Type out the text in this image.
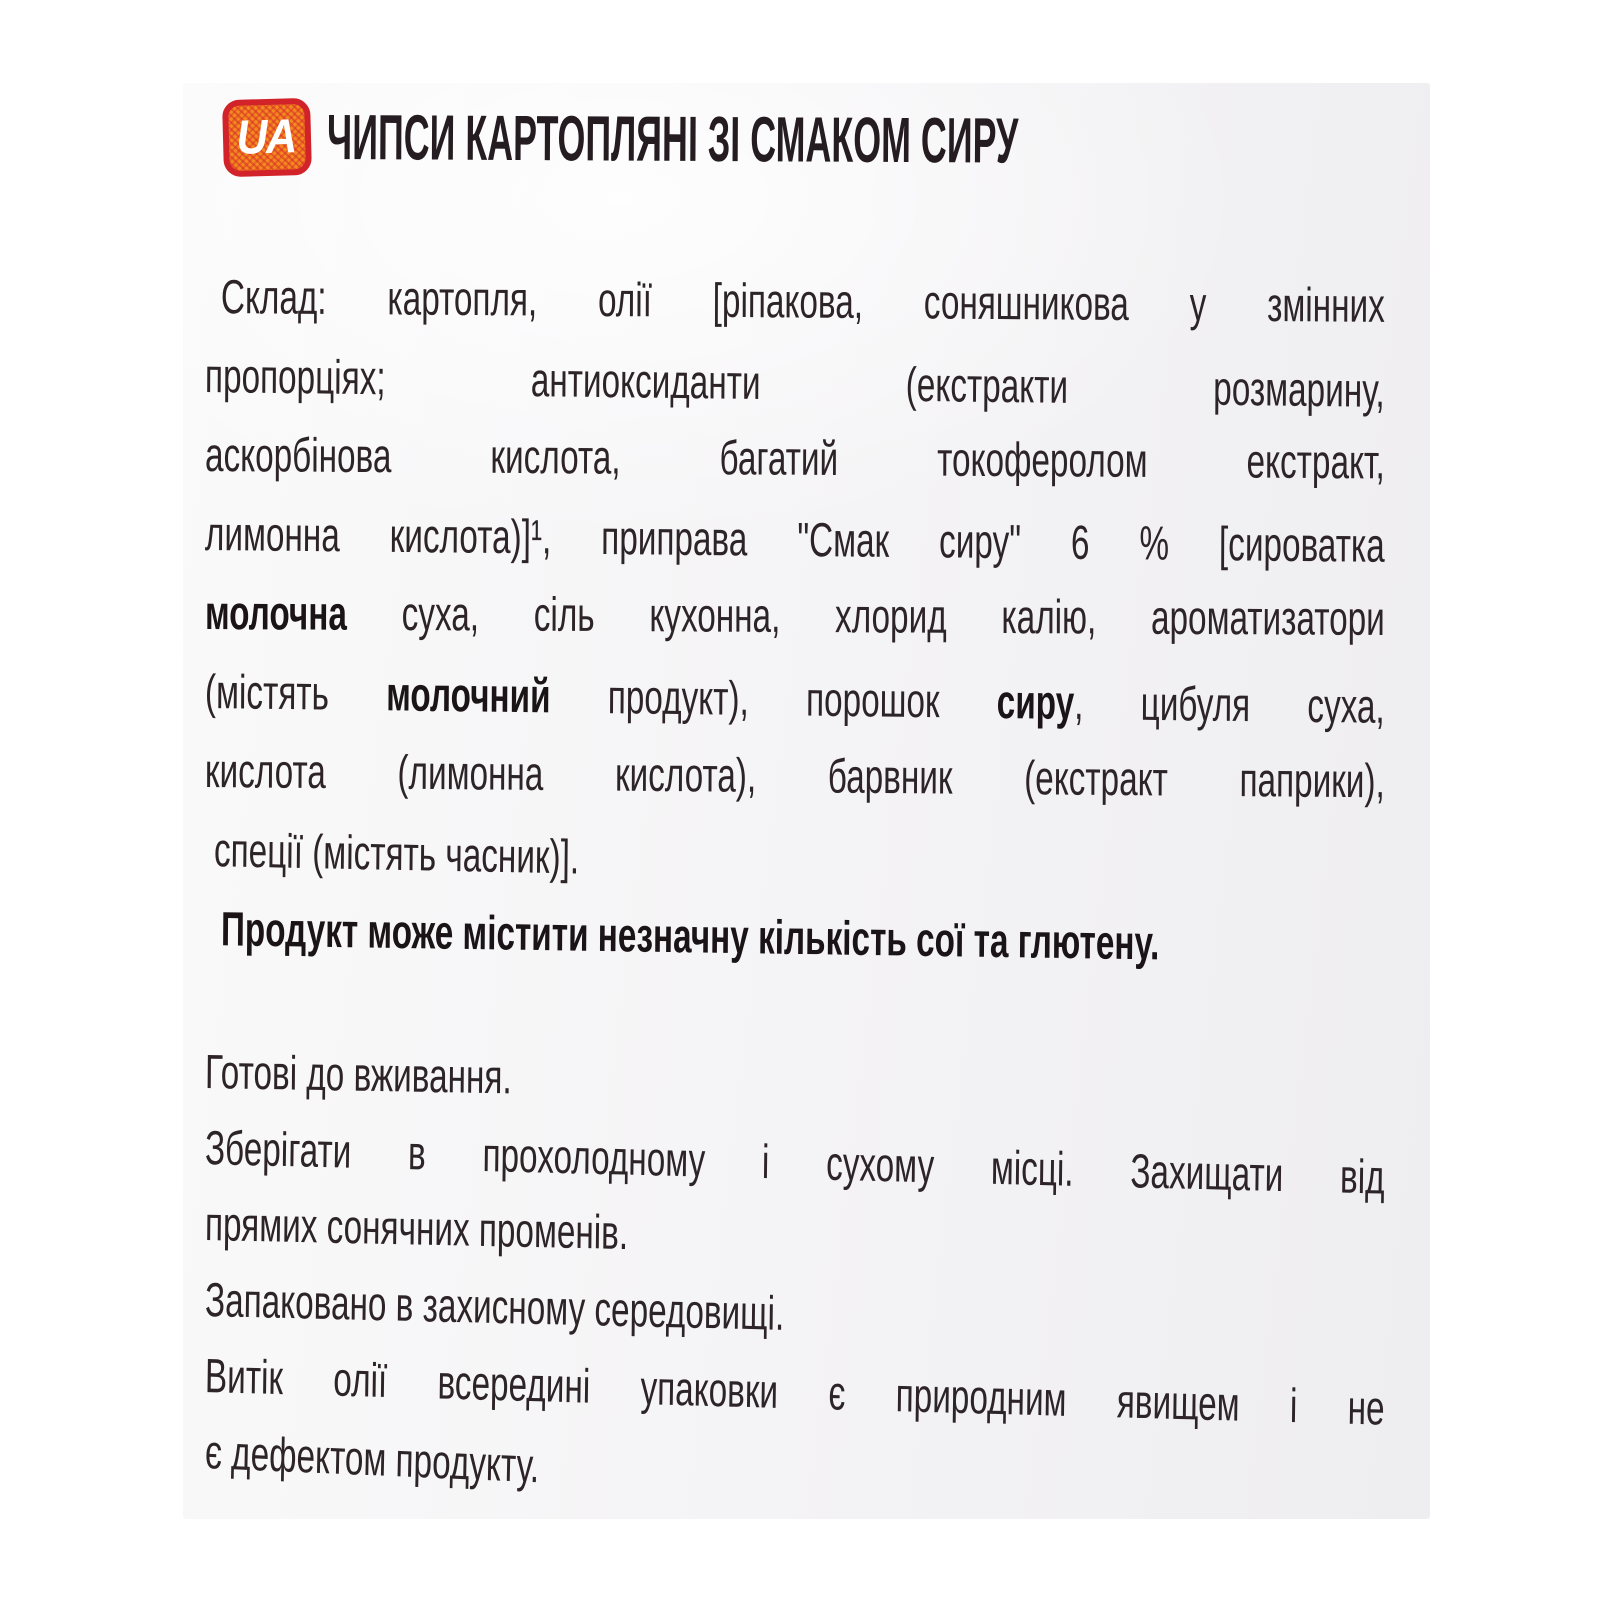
UA ЧИПСИ КАРТОПЛЯНІ ЗІ СМАКОМ СИРУ
Склад: картопля, олії [ріпакова, соняшникова у змінних
пропорціях; антиоксиданти (екстракти розмарину,
аскорбінова кислота, багатий токоферолом екстракт,
лимонна кислота)]¹, приправа "Смак сиру" 6 % [сироватка
молочна суха, сіль кухонна, хлорид калію, ароматизатори
(містять молочний продукт), порошок сиру, цибуля суха,
кислота (лимонна кислота), барвник (екстракт паприки),
спеції (містять часник)].
Продукт може містити незначну кількість сої та глютену.
Готові до вживання.
Зберігати в прохолодному і сухому місці. Захищати від
прямих сонячних променів.
Запаковано в захисному середовищі.
Витік олії всередині упаковки є природним явищем і не
є дефектом продукту.
